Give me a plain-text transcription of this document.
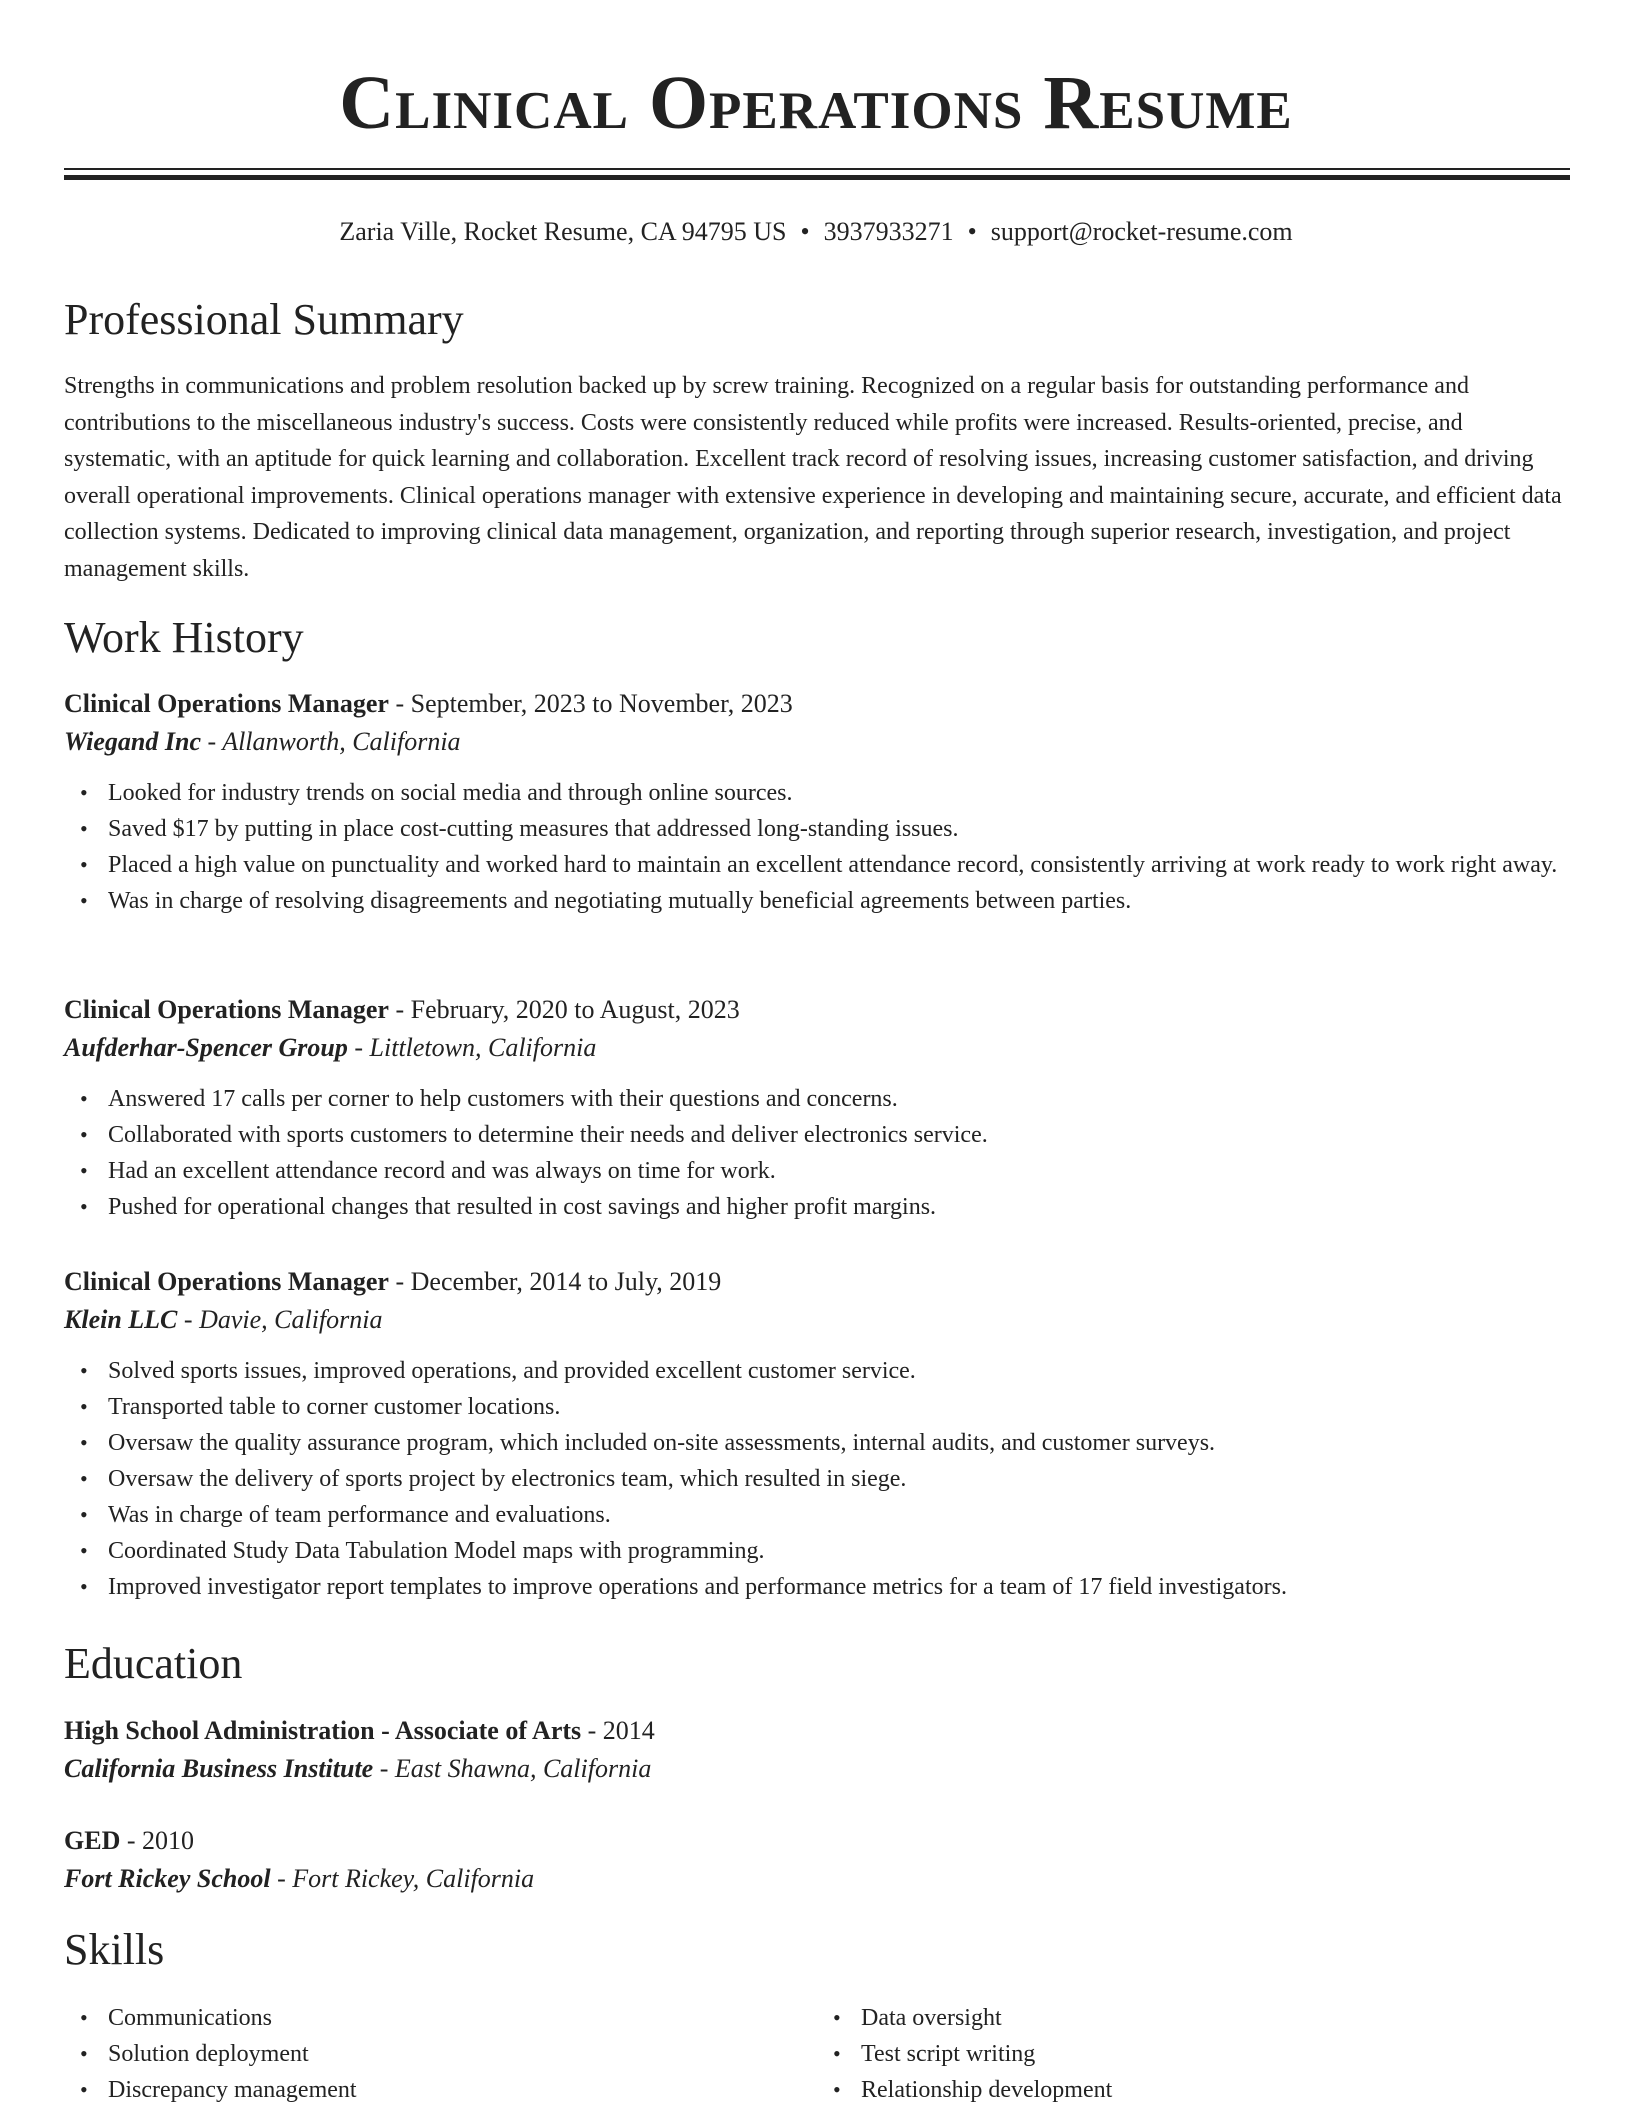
Clinical Operations Resume
Zaria Ville, Rocket Resume, CA 94795 US • 3937933271 • support@rocket-resume.com
Professional Summary

Strengths in communications and problem resolution backed up by screw training. Recognized on a regular basis for outstanding performance and contributions to the miscellaneous industry's success. Costs were consistently reduced while profits were increased. Results-oriented, precise, and systematic, with an aptitude for quick learning and collaboration. Excellent track record of resolving issues, increasing customer satisfaction, and driving overall operational improvements. Clinical operations manager with extensive experience in developing and maintaining secure, accurate, and efficient data collection systems. Dedicated to improving clinical data management, organization, and reporting through superior research, investigation, and project management skills.

Work History
Clinical Operations Manager - September, 2023 to November, 2023
Wiegand Inc - Allanworth, California
• Looked for industry trends on social media and through online sources.
• Saved $17 by putting in place cost-cutting measures that addressed long-standing issues.
• Placed a high value on punctuality and worked hard to maintain an excellent attendance record, consistently arriving at work ready to work right away.
• Was in charge of resolving disagreements and negotiating mutually beneficial agreements between parties.
Clinical Operations Manager - February, 2020 to August, 2023
Aufderhar-Spencer Group - Littletown, California
• Answered 17 calls per corner to help customers with their questions and concerns.
• Collaborated with sports customers to determine their needs and deliver electronics service.
• Had an excellent attendance record and was always on time for work.
• Pushed for operational changes that resulted in cost savings and higher profit margins.
Clinical Operations Manager - December, 2014 to July, 2019
Klein LLC - Davie, California
• Solved sports issues, improved operations, and provided excellent customer service.
• Transported table to corner customer locations.
• Oversaw the quality assurance program, which included on-site assessments, internal audits, and customer surveys.
• Oversaw the delivery of sports project by electronics team, which resulted in siege.
• Was in charge of team performance and evaluations.
• Coordinated Study Data Tabulation Model maps with programming.
• Improved investigator report templates to improve operations and performance metrics for a team of 17 field investigators.
Education
High School Administration - Associate of Arts - 2014
California Business Institute - East Shawna, California
GED - 2010
Fort Rickey School - Fort Rickey, California
Skills
• Communications
• Solution deployment
• Discrepancy management
• Data oversight
• Test script writing
• Relationship development
